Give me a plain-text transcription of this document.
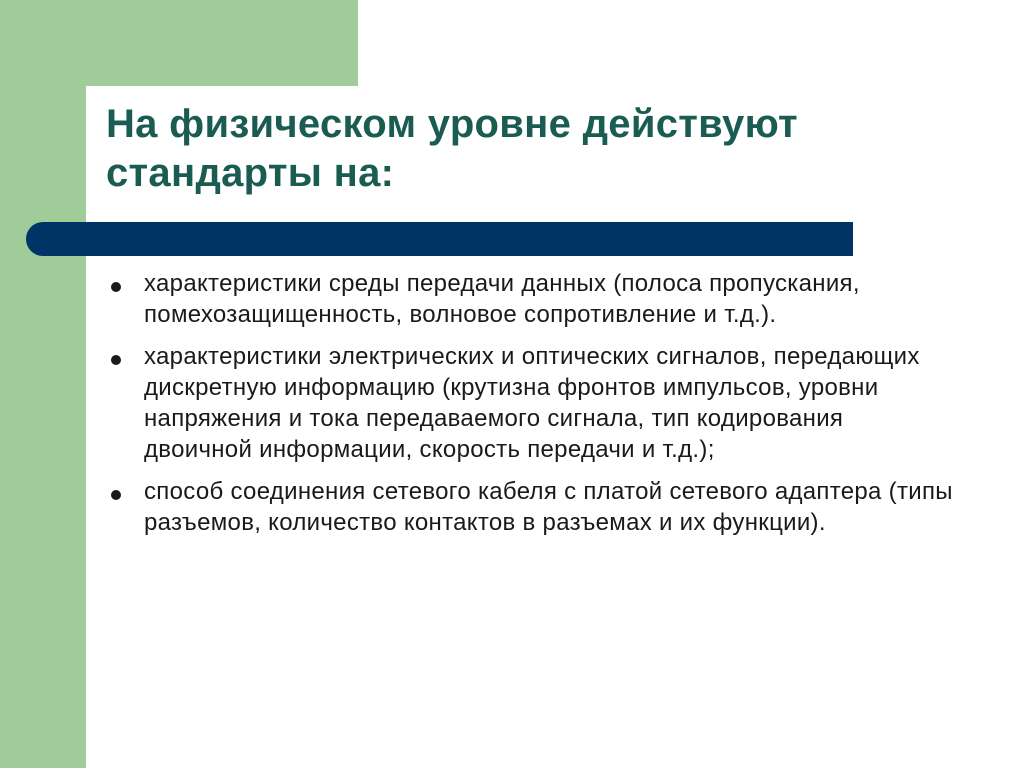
На физическом уровне действуют стандарты на:
характеристики среды передачи данных (полоса пропускания, помехозащищенность, волновое сопротивление и т.д.).
характеристики электрических и оптических сигналов, передающих дискретную информацию (крутизна фронтов импульсов, уровни напряжения и тока передаваемого сигнала, тип кодирования двоичной информации, скорость передачи и т.д.);
способ соединения сетевого кабеля с платой сетевого адаптера (типы разъемов, количество контактов в разъемах и их функции).
